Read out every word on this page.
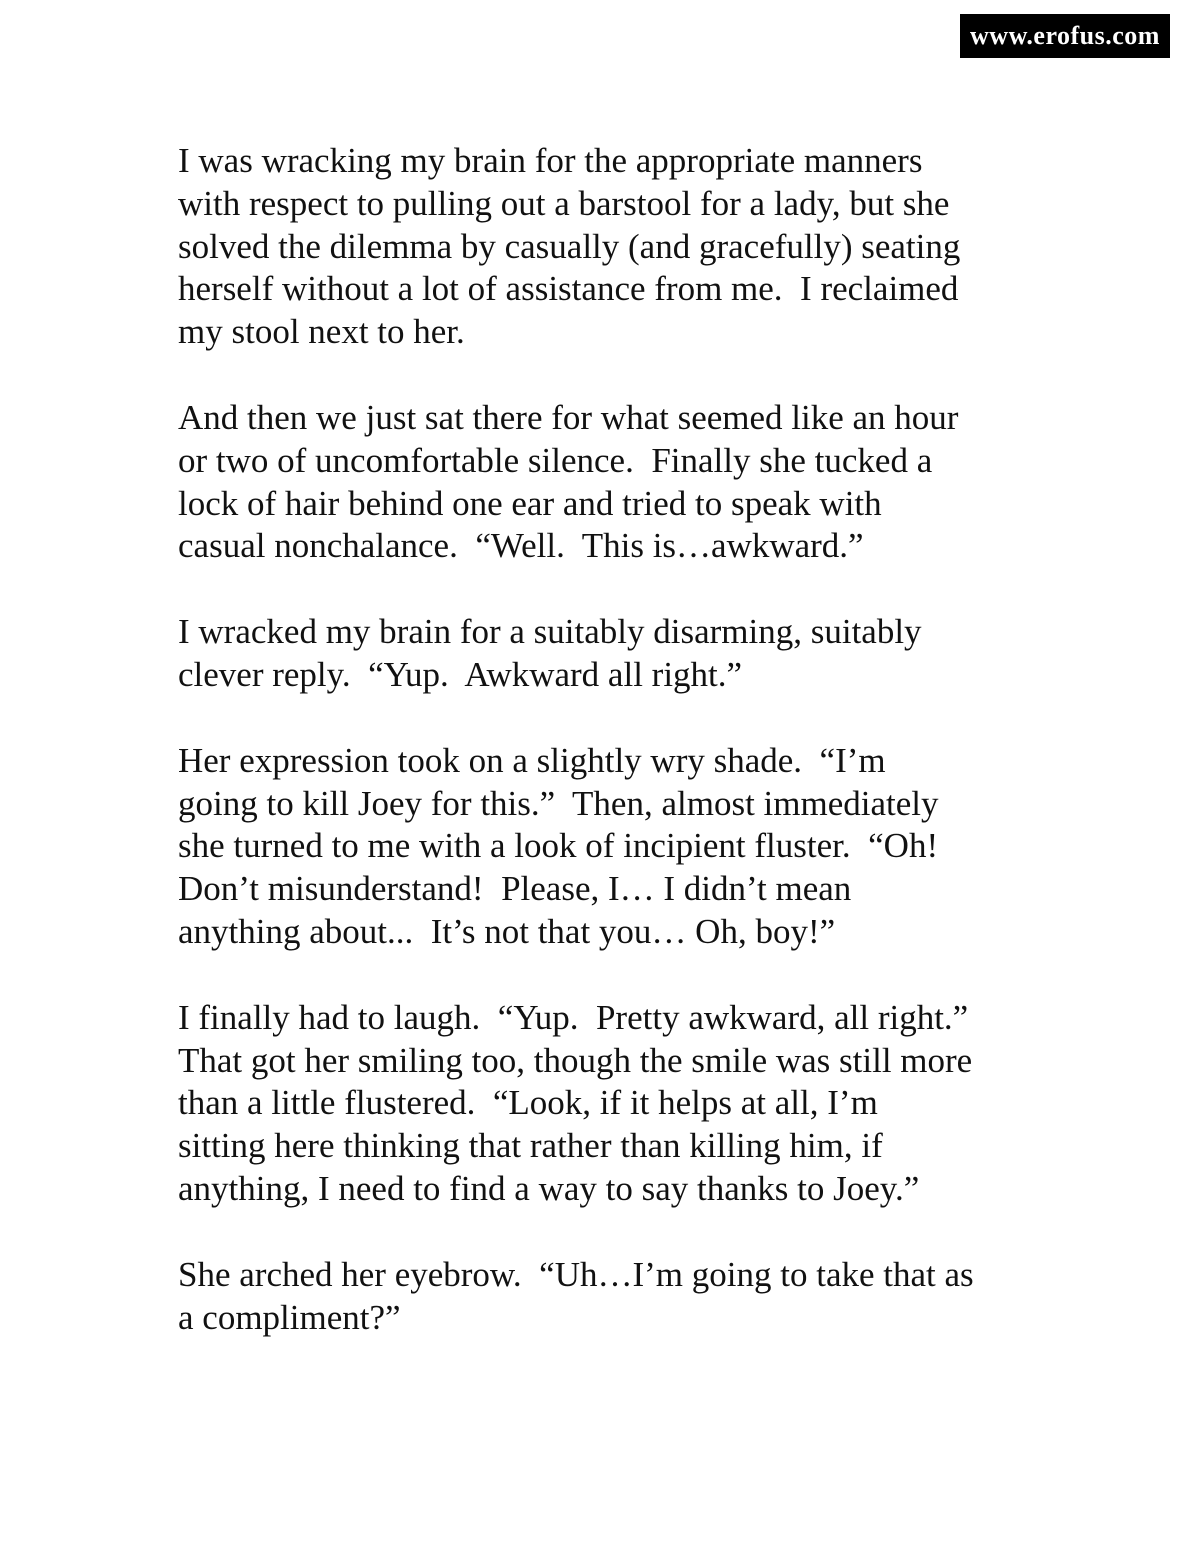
www.erofus.com

I was wracking my brain for the appropriate manners
with respect to pulling out a barstool for a lady, but she
solved the dilemma by casually (and gracefully) seating
herself without a lot of assistance from me.  I reclaimed
my stool next to her.

And then we just sat there for what seemed like an hour
or two of uncomfortable silence.  Finally she tucked a
lock of hair behind one ear and tried to speak with
casual nonchalance.  “Well.  This is…awkward.”

I wracked my brain for a suitably disarming, suitably
clever reply.  “Yup.  Awkward all right.”

Her expression took on a slightly wry shade.  “I’m
going to kill Joey for this.”  Then, almost immediately
she turned to me with a look of incipient fluster.  “Oh!
Don’t misunderstand!  Please, I… I didn’t mean
anything about...  It’s not that you… Oh, boy!”

I finally had to laugh.  “Yup.  Pretty awkward, all right.”
That got her smiling too, though the smile was still more
than a little flustered.  “Look, if it helps at all, I’m
sitting here thinking that rather than killing him, if
anything, I need to find a way to say thanks to Joey.”

She arched her eyebrow.  “Uh…I’m going to take that as
a compliment?”
